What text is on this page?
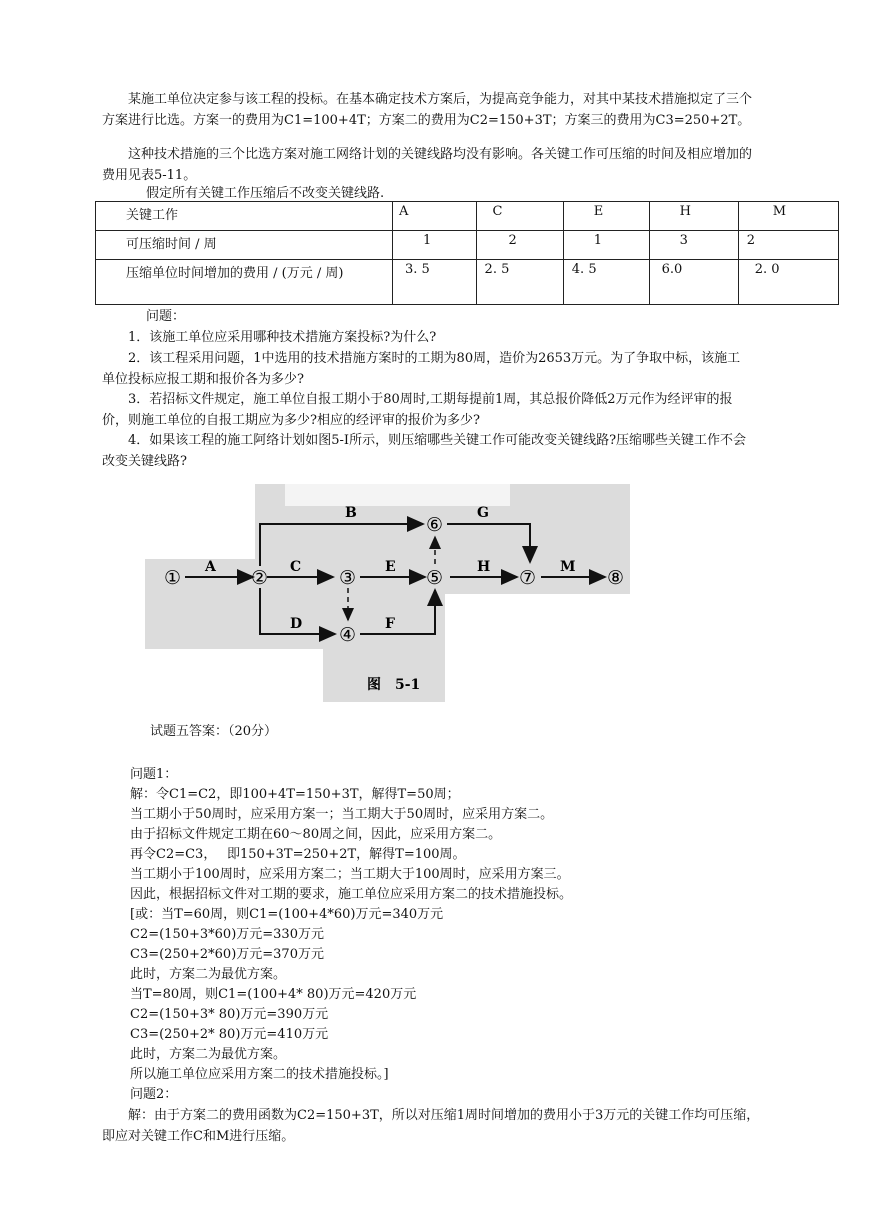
某施工单位决定参与该工程的投标。在基本确定技术方案后，为提高竞争能力，对其中某技术措施拟定了三个方案进行比选。方案一的费用为C1=100+4T；方案二的费用为C2=150+3T；方案三的费用为C3=250+2T。

这种技术措施的三个比选方案对施工网络计划的关键线路均没有影响。各关键工作可压缩的时间及相应增加的费用见表5-11。

假定所有关键工作压缩后不改变关键线路.

关键工作	A	C	E	H	M
可压缩时间 / 周	1	2	1	3	2
压缩单位时间增加的费用 / (万元 / 周)	3. 5	2. 5	4. 5	6.0	2. 0

问题：

1．该施工单位应采用哪种技术措施方案投标?为什么?

2．该工程采用问题，1中选用的技术措施方案时的工期为80周，造价为2653万元。为了争取中标，该施工单位投标应报工期和报价各为多少?

3．若招标文件规定，施工单位自报工期小于80周时,工期每提前1周，其总报价降低2万元作为经评审的报价，则施工单位的自报工期应为多少?相应的经评审的报价为多少?

4．如果该工程的施工阿络计划如图5-I所示，则压缩哪些关键工作可能改变关键线路?压缩哪些关键工作不会改变关键线路?

①	②	③
④
⑤
⑥
⑦	⑧
A
B
C
D
E
F
G
H	M
图　5-1

试题五答案：（20分）

问题1：

解：令C1=C2，即100+4T=150+3T，解得T=50周；

当工期小于50周时，应采用方案一；当工期大于50周时，应采用方案二。

由于招标文件规定工期在60～80周之间，因此，应采用方案二。

再令C2=C3，　 即150+3T=250+2T，解得T=100周。

当工期小于100周时，应采用方案二；当工期大于100周时，应采用方案三。

因此，根据招标文件对工期的要求，施工单位应采用方案二的技术措施投标。

[或：当T=60周，则C1=(100+4*60)万元=340万元

C2=(150+3*60)万元=330万元

C3=(250+2*60)万元=370万元

此时，方案二为最优方案。

当T=80周，则C1=(100+4* 80)万元=420万元

C2=(150+3* 80)万元=390万元

C3=(250+2* 80)万元=410万元

此时，方案二为最优方案。

所以施工单位应采用方案二的技术措施投标。]

问题2：

解：由于方案二的费用函数为C2=150+3T，所以对压缩1周时间增加的费用小于3万元的关键工作均可压缩，即应对关键工作C和M进行压缩。
